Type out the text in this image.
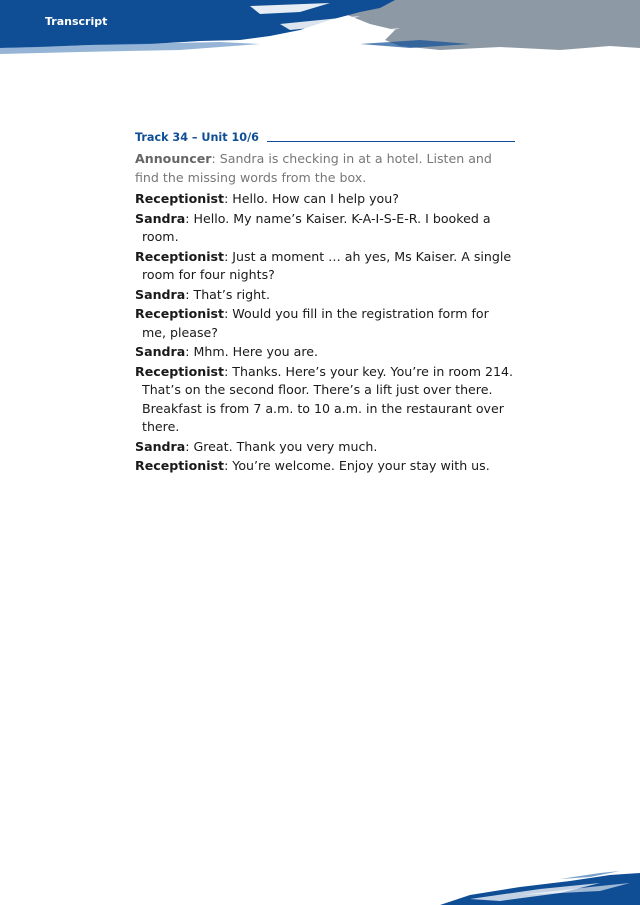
Transcript
Track 34 – Unit 10/6
Announcer: Sandra is checking in at a hotel. Listen and find the missing words from the box.
Receptionist: Hello. How can I help you?
Sandra: Hello. My name’s Kaiser. K-A-I-S-E-R. I booked a room.
Receptionist: Just a moment … ah yes, Ms Kaiser. A single room for four nights?
Sandra: That’s right.
Receptionist: Would you fill in the registration form for me, please?
Sandra: Mhm. Here you are.
Receptionist: Thanks. Here’s your key. You’re in room 214. That’s on the second floor. There’s a lift just over there. Breakfast is from 7 a.m. to 10 a.m. in the restaurant over there.
Sandra: Great. Thank you very much.
Receptionist: You’re welcome. Enjoy your stay with us.
